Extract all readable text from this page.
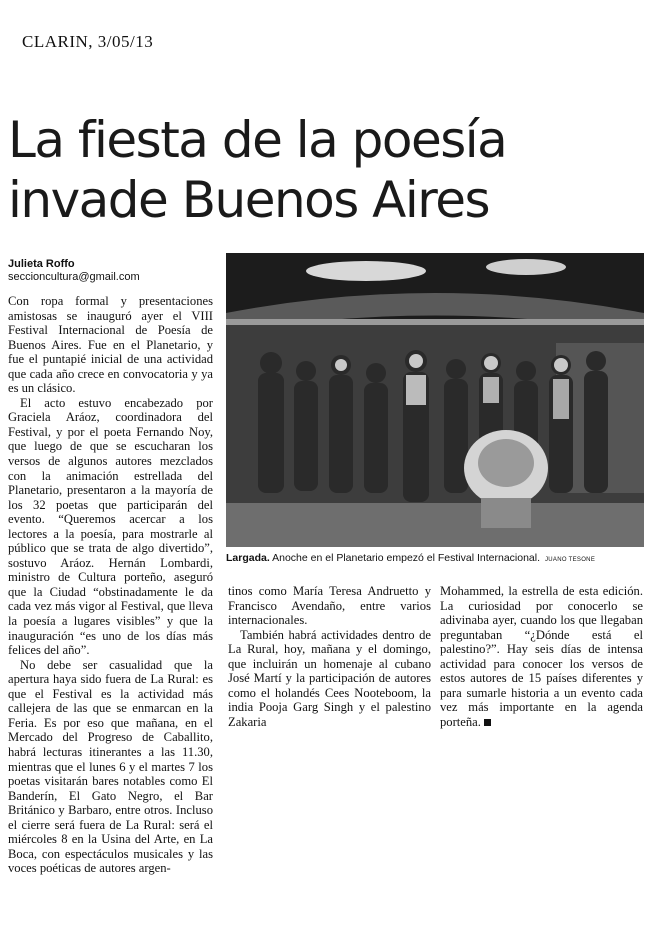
CLARIN, 3/05/13
La fiesta de la poesía invade Buenos Aires
Julieta Roffo
seccioncultura@gmail.com

Con ropa formal y presentaciones amistosas se inauguró ayer el VIII Festival Internacional de Poesía de Buenos Aires. Fue en el Planetario, y fue el puntapié inicial de una actividad que cada año crece en convocatoria y ya es un clásico.

El acto estuvo encabezado por Graciela Aráoz, coordinadora del Festival, y por el poeta Fernando Noy, que luego de que se escucharan los versos de algunos autores mezclados con la animación estrellada del Planetario, presentaron a la mayoría de los 32 poetas que participarán del evento. “Queremos acercar a los lectores a la poesía, para mostrarle al público que se trata de algo divertido”, sostuvo Aráoz. Hernán Lombardi, ministro de Cultura porteño, aseguró que la Ciudad “obstinadamente le da cada vez más vigor al Festival, que lleva la poesía a lugares visibles” y que la inauguración “es uno de los días más felices del año”.

No debe ser casualidad que la apertura haya sido fuera de La Rural: es que el Festival es la actividad más callejera de las que se enmarcan en la Feria. Es por eso que mañana, en el Mercado del Progreso de Caballito, habrá lecturas itinerantes a las 11.30, mientras que el lunes 6 y el martes 7 los poetas visitarán bares notables como El Banderín, El Gato Negro, el Bar Británico y Barbaro, entre otros. Incluso el cierre será fuera de La Rural: será el miércoles 8 en la Usina del Arte, en La Boca, con espectáculos musicales y las voces poéticas de autores argen-

Largada. Anoche en el Planetario empezó el Festival Internacional. JUANO TESONE

tinos como María Teresa Andruetto y Francisco Avendaño, entre varios internacionales.

También habrá actividades dentro de La Rural, hoy, mañana y el domingo, que incluirán un homenaje al cubano José Martí y la participación de autores como el holandés Cees Nooteboom, la india Pooja Garg Singh y el palestino Zakaria

Mohammed, la estrella de esta edición. La curiosidad por conocerlo se adivinaba ayer, cuando los que llegaban preguntaban “¿Dónde está el palestino?”. Hay seis días de intensa actividad para conocer los versos de estos autores de 15 países diferentes y para sumarle historia a un evento cada vez más importante en la agenda porteña.
